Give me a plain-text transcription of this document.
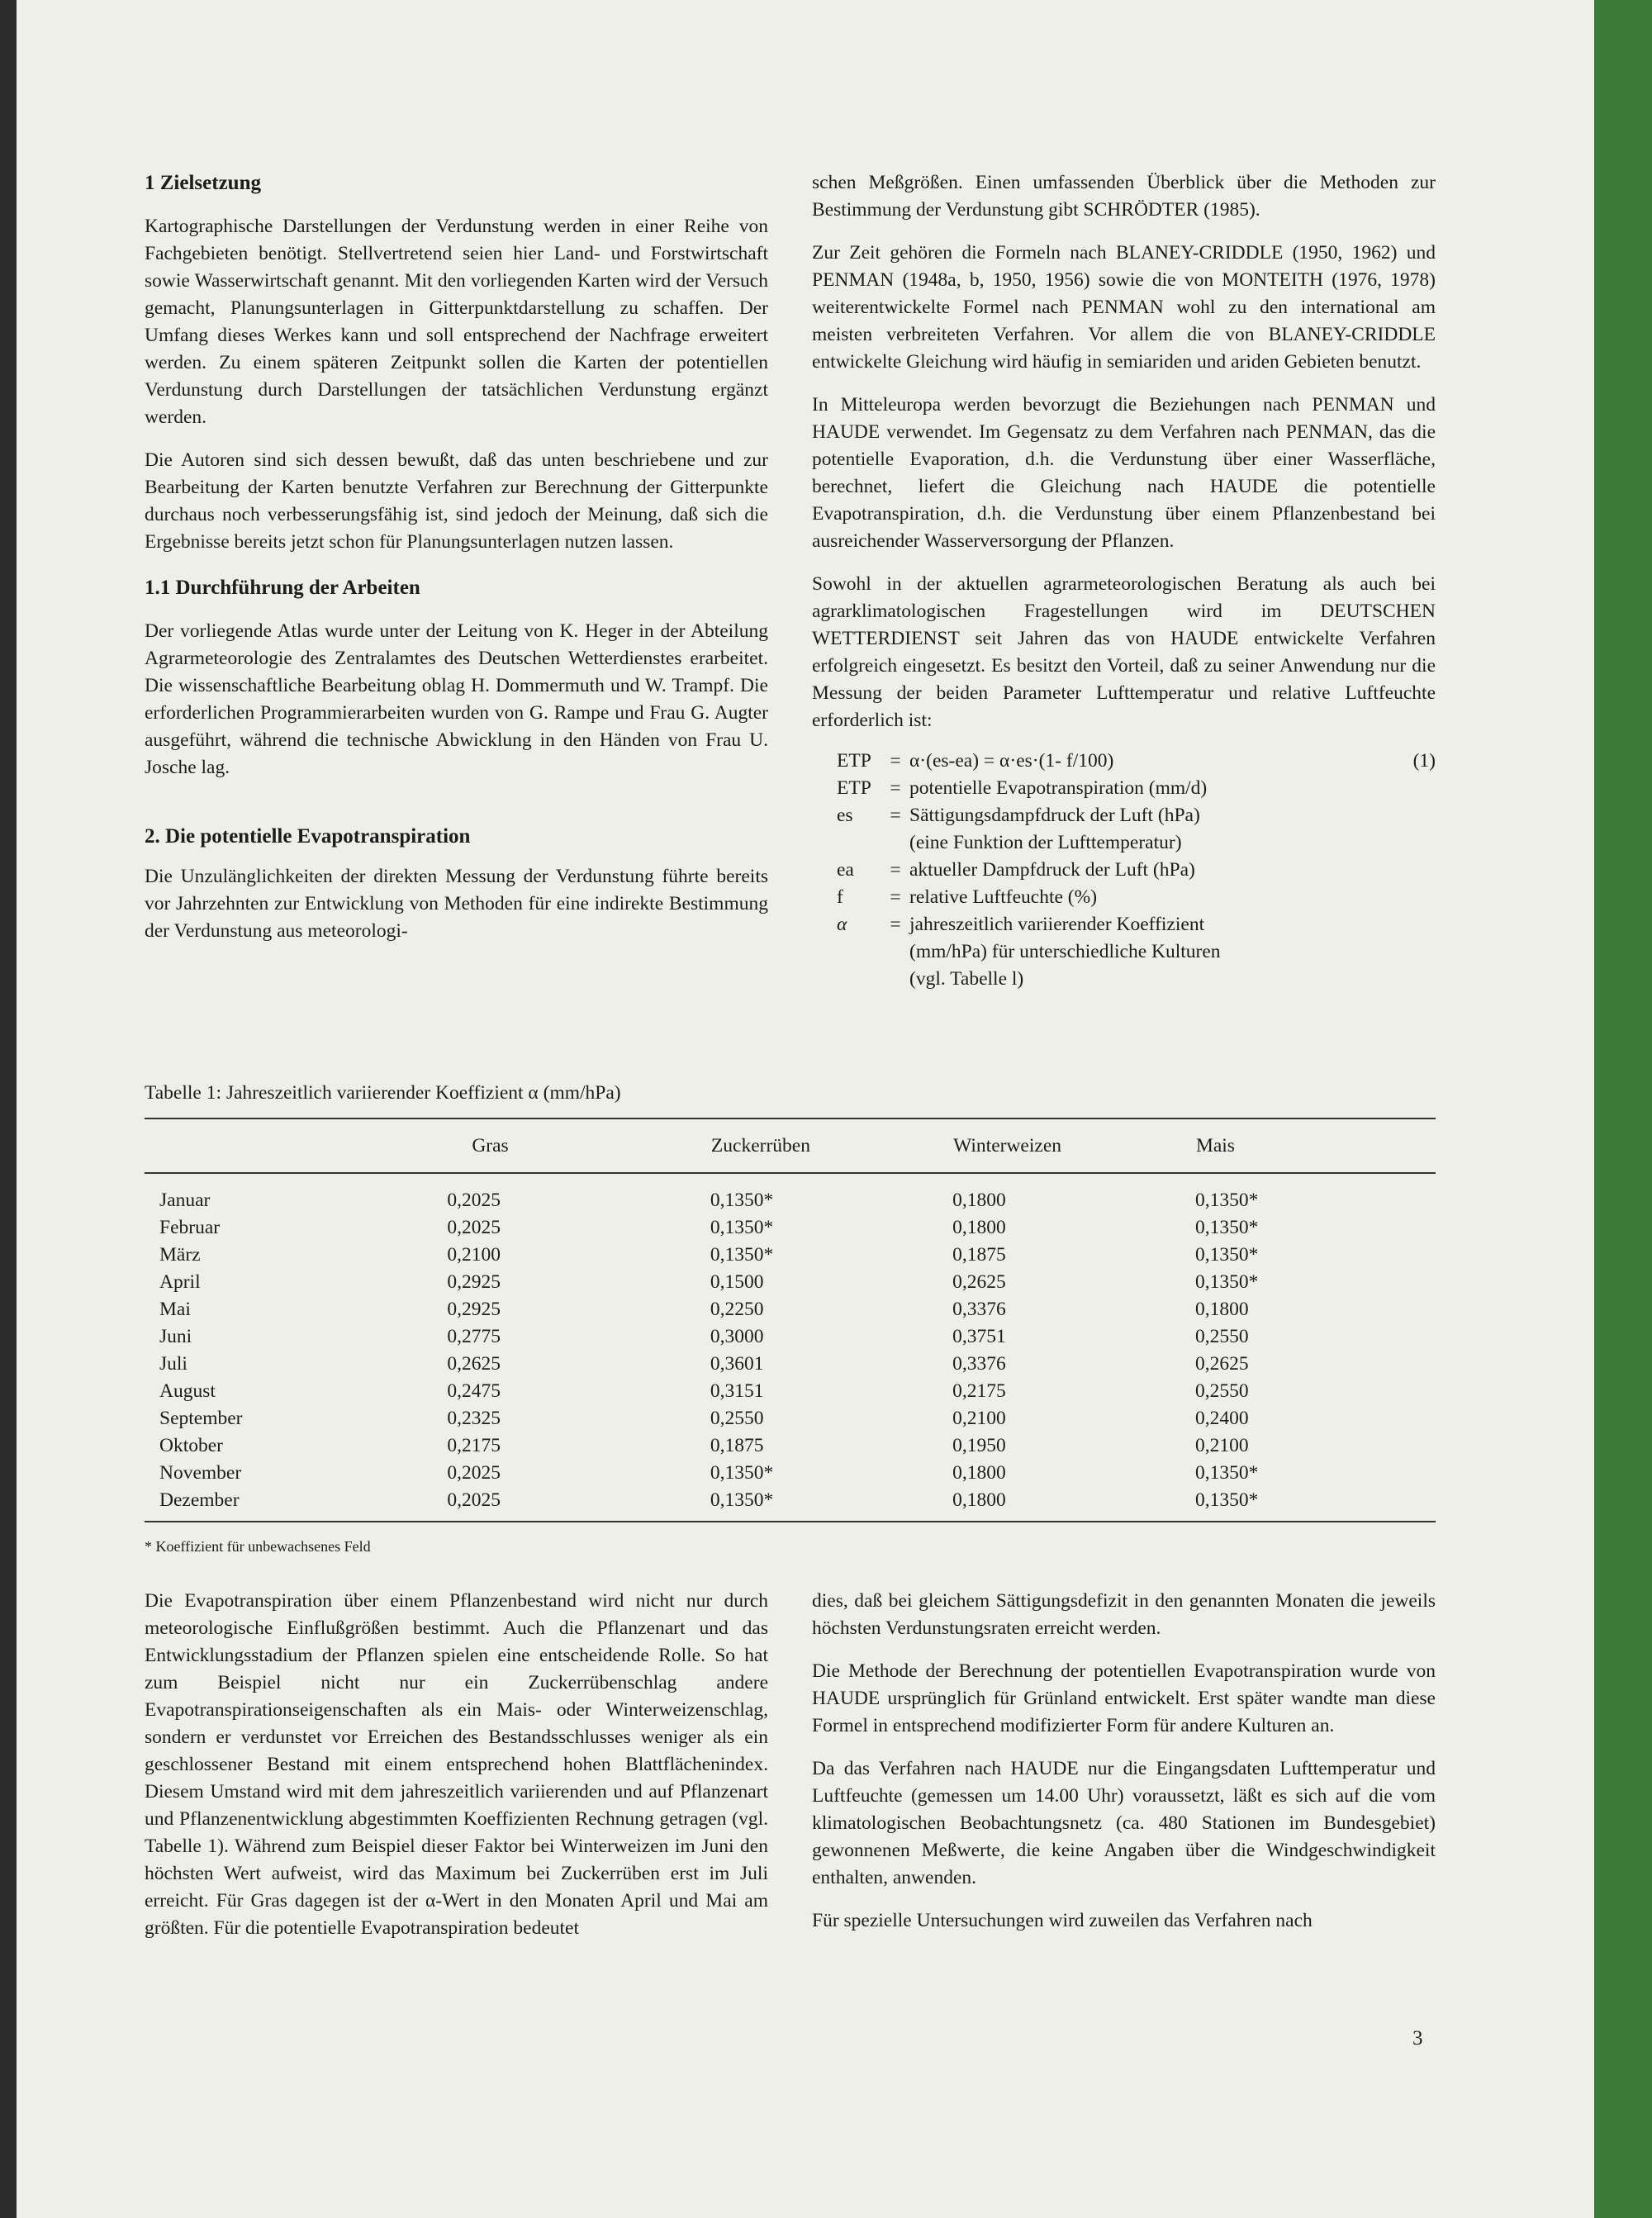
1 Zielsetzung

Kartographische Darstellungen der Verdunstung werden in einer Reihe von Fachgebieten benötigt. Stellvertretend seien hier Land- und Forstwirtschaft sowie Wasserwirtschaft genannt. Mit den vorliegenden Karten wird der Versuch gemacht, Planungsunterlagen in Gitterpunktdarstellung zu schaffen. Der Umfang dieses Werkes kann und soll entsprechend der Nachfrage erweitert werden. Zu einem späteren Zeitpunkt sollen die Karten der potentiellen Verdunstung durch Darstellungen der tatsächlichen Verdunstung ergänzt werden.

Die Autoren sind sich dessen bewußt, daß das unten beschriebene und zur Bearbeitung der Karten benutzte Verfahren zur Berechnung der Gitterpunkte durchaus noch verbesserungsfähig ist, sind jedoch der Meinung, daß sich die Ergebnisse bereits jetzt schon für Planungsunterlagen nutzen lassen.

1.1 Durchführung der Arbeiten

Der vorliegende Atlas wurde unter der Leitung von K. Heger in der Abteilung Agrarmeteorologie des Zentralamtes des Deutschen Wetterdienstes erarbeitet. Die wissenschaftliche Bearbeitung oblag H. Dommermuth und W. Trampf. Die erforderlichen Programmierarbeiten wurden von G. Rampe und Frau G. Augter ausgeführt, während die technische Abwicklung in den Händen von Frau U. Josche lag.

2. Die potentielle Evapotranspiration

Die Unzulänglichkeiten der direkten Messung der Verdunstung führte bereits vor Jahrzehnten zur Entwicklung von Methoden für eine indirekte Bestimmung der Verdunstung aus meteorologi-

schen Meßgrößen. Einen umfassenden Überblick über die Methoden zur Bestimmung der Verdunstung gibt SCHRÖDTER (1985).

Zur Zeit gehören die Formeln nach BLANEY-CRIDDLE (1950, 1962) und PENMAN (1948a, b, 1950, 1956) sowie die von MONTEITH (1976, 1978) weiterentwickelte Formel nach PENMAN wohl zu den international am meisten verbreiteten Verfahren. Vor allem die von BLANEY-CRIDDLE entwickelte Gleichung wird häufig in semiariden und ariden Gebieten benutzt.

In Mitteleuropa werden bevorzugt die Beziehungen nach PENMAN und HAUDE verwendet. Im Gegensatz zu dem Verfahren nach PENMAN, das die potentielle Evaporation, d.h. die Verdunstung über einer Wasserfläche, berechnet, liefert die Gleichung nach HAUDE die potentielle Evapotranspiration, d.h. die Verdunstung über einem Pflanzenbestand bei ausreichender Wasserversorgung der Pflanzen.

Sowohl in der aktuellen agrarmeteorologischen Beratung als auch bei agrarklimatologischen Fragestellungen wird im DEUTSCHEN WETTERDIENST seit Jahren das von HAUDE entwickelte Verfahren erfolgreich eingesetzt. Es besitzt den Vorteil, daß zu seiner Anwendung nur die Messung der beiden Parameter Lufttemperatur und relative Luftfeuchte erforderlich ist:

ETP = α·(es-ea) = α·es·(1- f/100)	(1)
ETP = potentielle Evapotranspiration (mm/d)
es	= Sättigungsdampfdruck der Luft (hPa)
(eine Funktion der Lufttemperatur)
ea	= aktueller Dampfdruck der Luft (hPa)
f	= relative Luftfeuchte (%)
α	= jahreszeitlich variierender Koeffizient
(mm/hPa) für unterschiedliche Kulturen
(vgl. Tabelle l)
Tabelle 1: Jahreszeitlich variierender Koeffizient α (mm/hPa)
	Gras	Zuckerrüben	Winterweizen	Mais
Januar	0,2025	0,1350*	0,1800	0,1350*
Februar	0,2025	0,1350*	0,1800	0,1350*
März	0,2100	0,1350*	0,1875	0,1350*
April	0,2925	0,1500	0,2625	0,1350*
Mai	0,2925	0,2250	0,3376	0,1800
Juni	0,2775	0,3000	0,3751	0,2550
Juli	0,2625	0,3601	0,3376	0,2625
August	0,2475	0,3151	0,2175	0,2550
September	0,2325	0,2550	0,2100	0,2400
Oktober	0,2175	0,1875	0,1950	0,2100
November	0,2025	0,1350*	0,1800	0,1350*
Dezember	0,2025	0,1350*	0,1800	0,1350*
* Koeffizient für unbewachsenes Feld

Die Evapotranspiration über einem Pflanzenbestand wird nicht nur durch meteorologische Einflußgrößen bestimmt. Auch die Pflanzenart und das Entwicklungsstadium der Pflanzen spielen eine entscheidende Rolle. So hat zum Beispiel nicht nur ein Zuckerrübenschlag andere Evapotranspirationseigenschaften als ein Mais- oder Winterweizenschlag, sondern er verdunstet vor Erreichen des Bestandsschlusses weniger als ein geschlossener Bestand mit einem entsprechend hohen Blattflächenindex. Diesem Umstand wird mit dem jahreszeitlich variierenden und auf Pflanzenart und Pflanzenentwicklung abgestimmten Koeffizienten Rechnung getragen (vgl. Tabelle 1). Während zum Beispiel dieser Faktor bei Winterweizen im Juni den höchsten Wert aufweist, wird das Maximum bei Zuckerrüben erst im Juli erreicht. Für Gras dagegen ist der α-Wert in den Monaten April und Mai am größten. Für die potentielle Evapotranspiration bedeutet

dies, daß bei gleichem Sättigungsdefizit in den genannten Monaten die jeweils höchsten Verdunstungsraten erreicht werden.

Die Methode der Berechnung der potentiellen Evapotranspiration wurde von HAUDE ursprünglich für Grünland entwickelt. Erst später wandte man diese Formel in entsprechend modifizierter Form für andere Kulturen an.

Da das Verfahren nach HAUDE nur die Eingangsdaten Lufttemperatur und Luftfeuchte (gemessen um 14.00 Uhr) voraussetzt, läßt es sich auf die vom klimatologischen Beobachtungsnetz (ca. 480 Stationen im Bundesgebiet) gewonnenen Meßwerte, die keine Angaben über die Windgeschwindigkeit enthalten, anwenden.

Für spezielle Untersuchungen wird zuweilen das Verfahren nach

3
